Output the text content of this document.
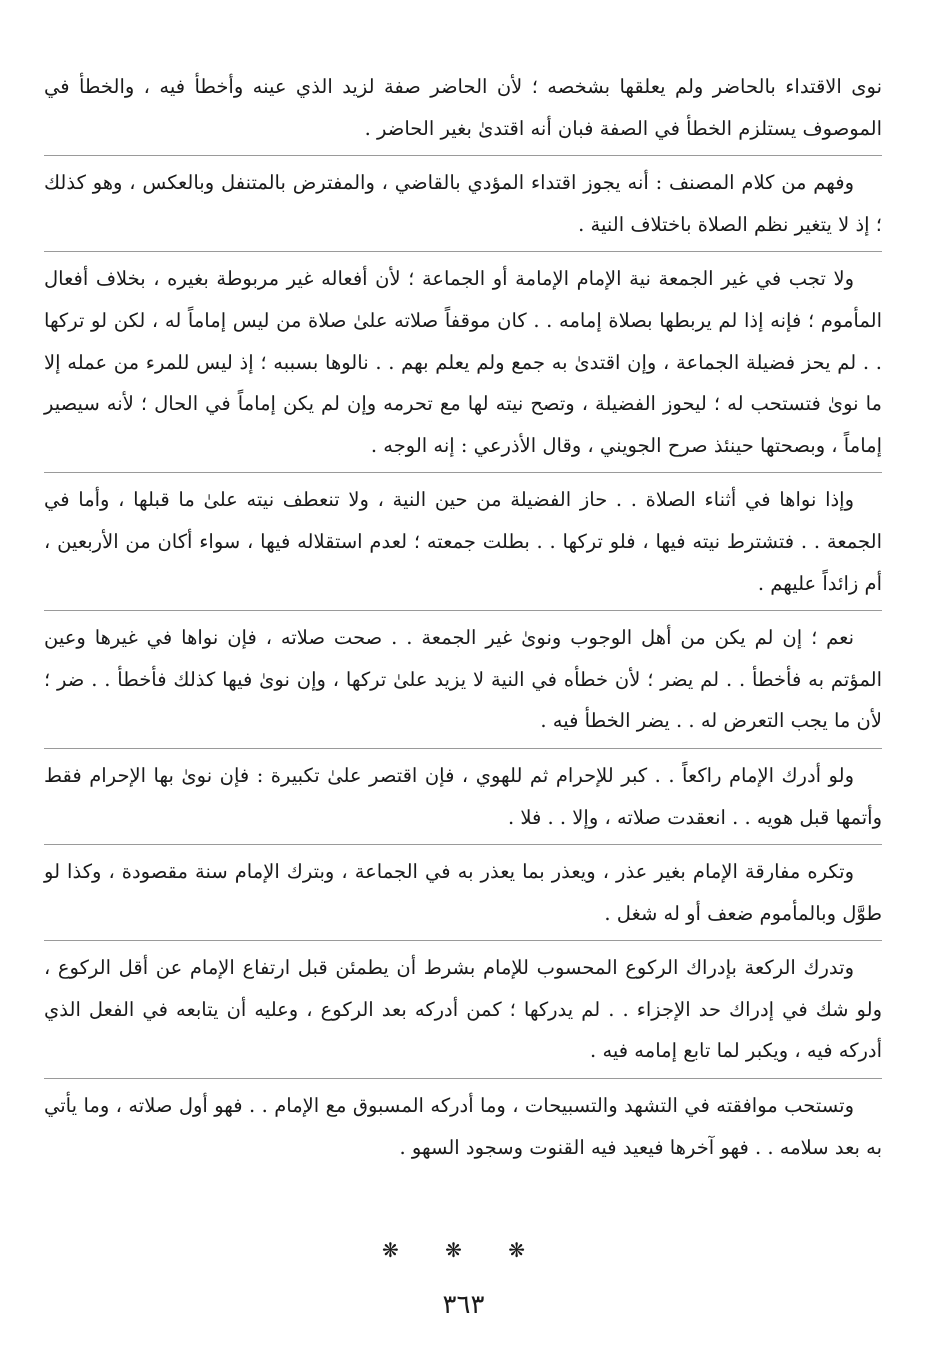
نوى الاقتداء بالحاضر ولم يعلقها بشخصه ؛ لأن الحاضر صفة لزيد الذي عينه وأخطأ فيه ، والخطأ في الموصوف يستلزم الخطأ في الصفة فبان أنه اقتدىٰ بغير الحاضر .

وفهم من كلام المصنف : أنه يجوز اقتداء المؤدي بالقاضي ، والمفترض بالمتنفل وبالعكس ، وهو كذلك ؛ إذ لا يتغير نظم الصلاة باختلاف النية .

ولا تجب في غير الجمعة نية الإمام الإمامة أو الجماعة ؛ لأن أفعاله غير مربوطة بغيره ، بخلاف أفعال المأموم ؛ فإنه إذا لم يربطها بصلاة إمامه . . كان موقفاً صلاته علىٰ صلاة من ليس إماماً له ، لكن لو تركها . . لم يحز فضيلة الجماعة ، وإن اقتدىٰ به جمع ولم يعلم بهم . . نالوها بسببه ؛ إذ ليس للمرء من عمله إلا ما نوىٰ فتستحب له ؛ ليحوز الفضيلة ، وتصح نيته لها مع تحرمه وإن لم يكن إماماً في الحال ؛ لأنه سيصير إماماً ، وبصحتها حينئذ صرح الجويني ، وقال الأذرعي : إنه الوجه .

وإذا نواها في أثناء الصلاة . . حاز الفضيلة من حين النية ، ولا تنعطف نيته علىٰ ما قبلها ، وأما في الجمعة . . فتشترط نيته فيها ، فلو تركها . . بطلت جمعته ؛ لعدم استقلاله فيها ، سواء أكان من الأربعين ، أم زائداً عليهم .

نعم ؛ إن لم يكن من أهل الوجوب ونوىٰ غير الجمعة . . صحت صلاته ، فإن نواها في غيرها وعين المؤتم به فأخطأ . . لم يضر ؛ لأن خطأه في النية لا يزيد علىٰ تركها ، وإن نوىٰ فيها كذلك فأخطأ . . ضر ؛ لأن ما يجب التعرض له . . يضر الخطأ فيه .

ولو أدرك الإمام راكعاً . . كبر للإحرام ثم للهوي ، فإن اقتصر علىٰ تكبيرة : فإن نوىٰ بها الإحرام فقط وأتمها قبل هويه . . انعقدت صلاته ، وإلا . . فلا .

وتكره مفارقة الإمام بغير عذر ، ويعذر بما يعذر به في الجماعة ، وبترك الإمام سنة مقصودة ، وكذا لو طوَّل وبالمأموم ضعف أو له شغل .

وتدرك الركعة بإدراك الركوع المحسوب للإمام بشرط أن يطمئن قبل ارتفاع الإمام عن أقل الركوع ، ولو شك في إدراك حد الإجزاء . . لم يدركها ؛ كمن أدركه بعد الركوع ، وعليه أن يتابعه في الفعل الذي أدركه فيه ، ويكبر لما تابع إمامه فيه .

وتستحب موافقته في التشهد والتسبيحات ، وما أدركه المسبوق مع الإمام . . فهو أول صلاته ، وما يأتي به بعد سلامه . . فهو آخرها فيعيد فيه القنوت وسجود السهو .

❋ ❋ ❋
٣٦٣
